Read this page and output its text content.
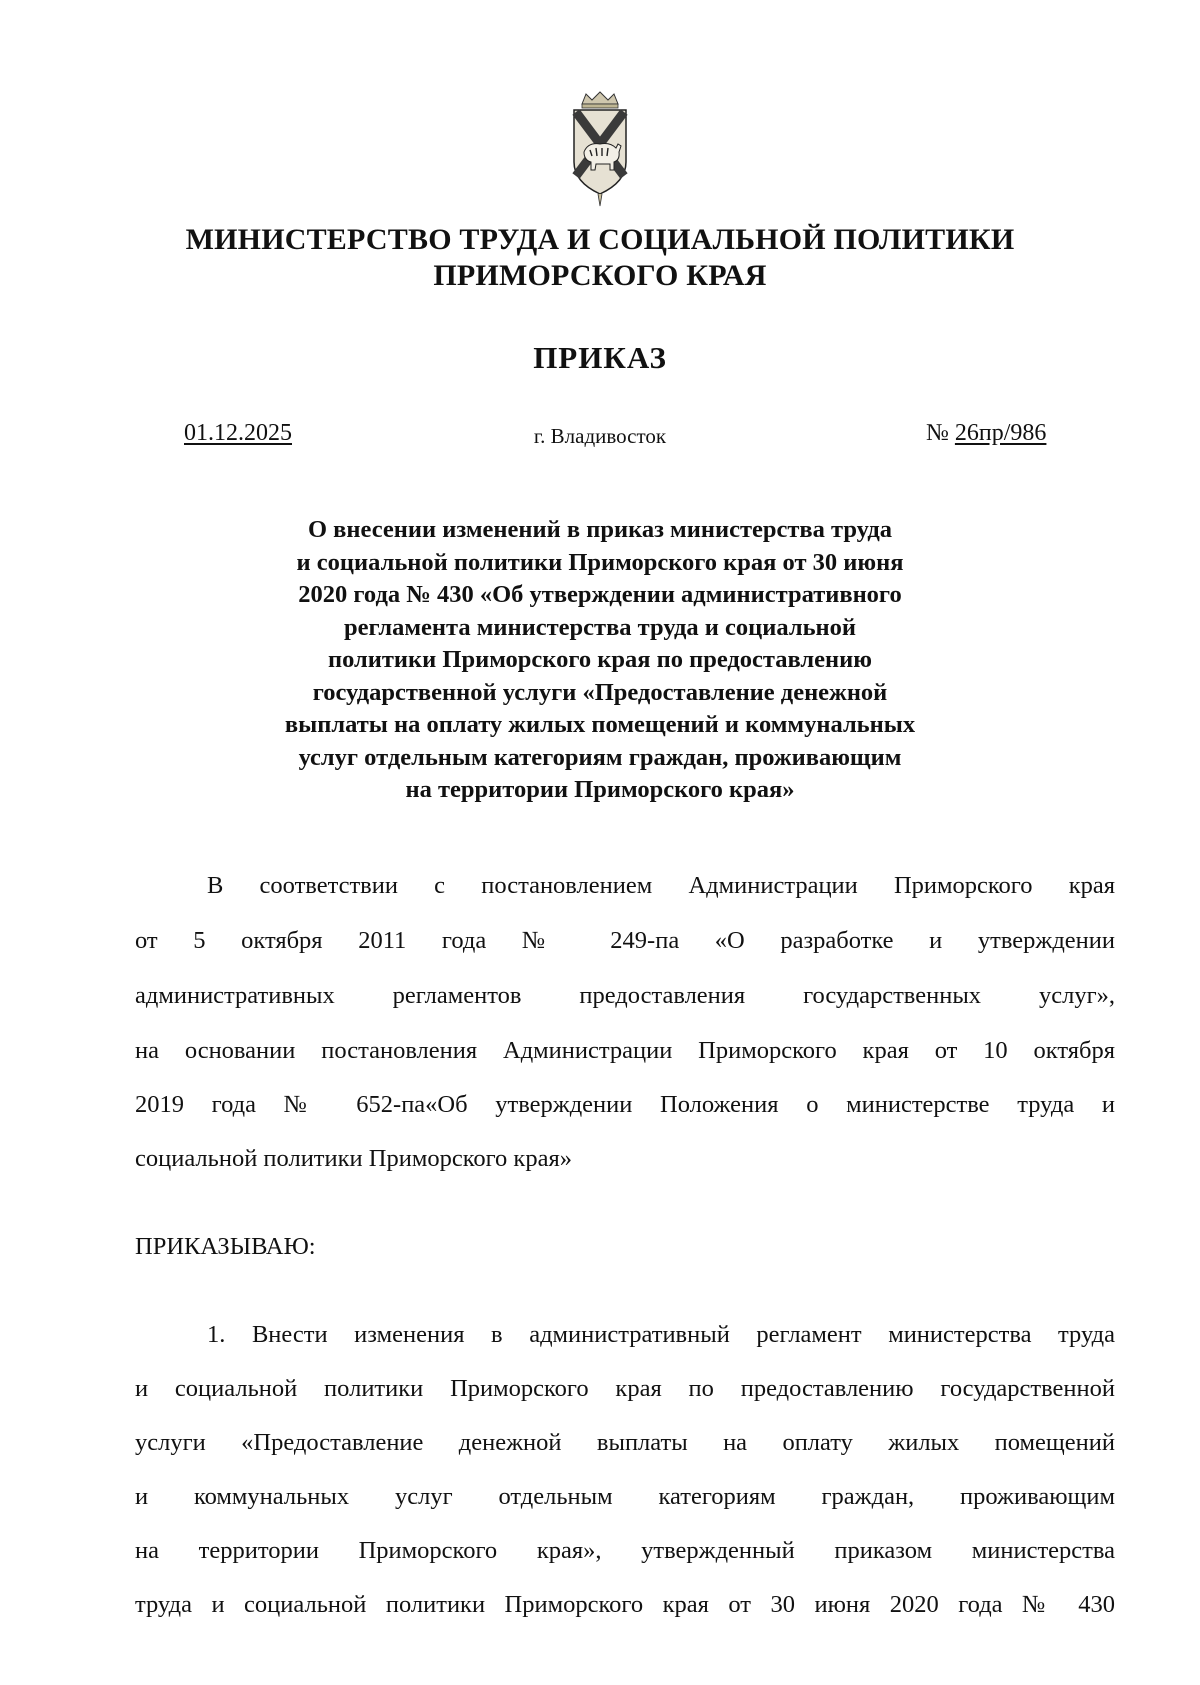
МИНИСТЕРСТВО ТРУДА И СОЦИАЛЬНОЙ ПОЛИТИКИ
ПРИМОРСКОГО КРАЯ
ПРИКАЗ
01.12.2025	г. Владивосток	№ 26пр/986
О внесении изменений в приказ министерства труда
и социальной политики Приморского края от 30 июня
2020 года № 430 «Об утверждении административного
регламента министерства труда и социальной
политики Приморского края по предоставлению
государственной услуги «Предоставление денежной
выплаты на оплату жилых помещений и коммунальных
услуг отдельным категориям граждан, проживающим
на территории Приморского края»
В соответствии с постановлением Администрации Приморского края
от 5 октября 2011 года № 249-па «О разработке и утверждении
административных регламентов предоставления государственных услуг»,
на основании постановления Администрации Приморского края от 10 октября
2019 года № 652-па«Об утверждении Положения о министерстве труда и
социальной политики Приморского края»
ПРИКАЗЫВАЮ:
1. Внести изменения в административный регламент министерства труда
и социальной политики Приморского края по предоставлению государственной
услуги «Предоставление денежной выплаты на оплату жилых помещений
и коммунальных услуг отдельным категориям граждан, проживающим
на территории Приморского края», утвержденный приказом министерства
труда и социальной политики Приморского края от 30 июня 2020 года № 430
